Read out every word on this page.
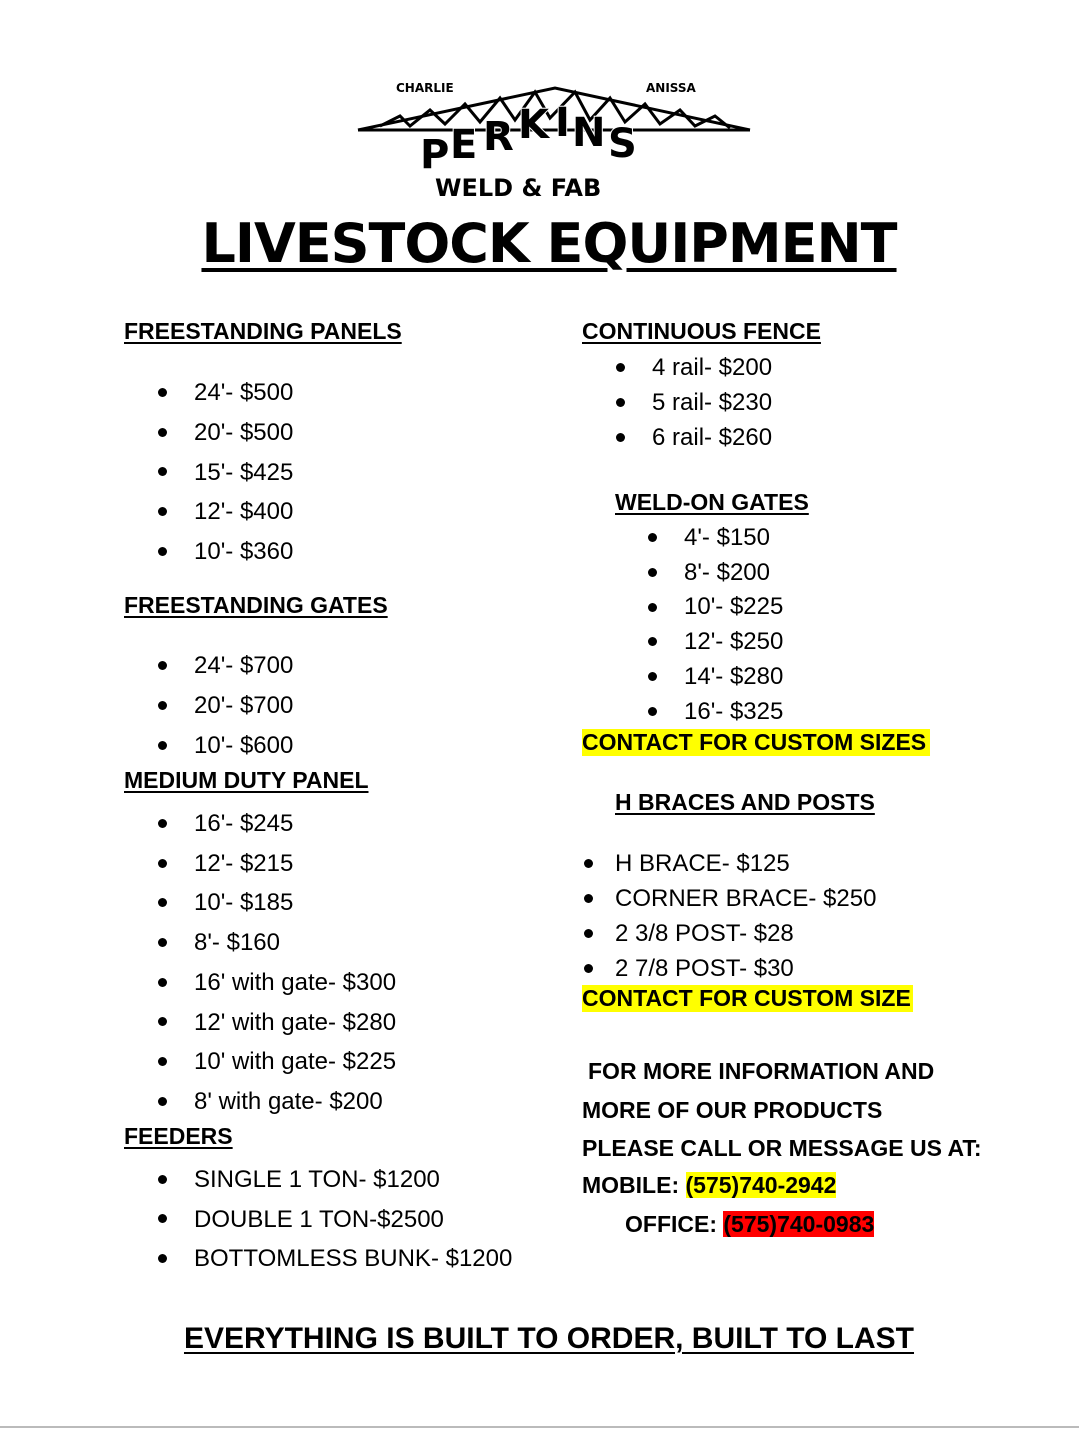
CHARLIE	ANISSA
P E R K I N S
WELD & FAB
LIVESTOCK EQUIPMENT
FREESTANDING PANELS
24'- $500
20'- $500
15'- $425
12'- $400
10'- $360
FREESTANDING GATES
24'- $700
20'- $700
10'- $600
MEDIUM DUTY PANEL
16'- $245
12'- $215
10'- $185
8'- $160
16' with gate- $300
12' with gate- $280
10' with gate- $225
8' with gate- $200
FEEDERS
SINGLE 1 TON- $1200
DOUBLE 1 TON-$2500
BOTTOMLESS BUNK- $1200
CONTINUOUS FENCE
4 rail- $200
5 rail- $230
6 rail- $260
WELD-ON GATES
4'- $150
8'- $200
10'- $225
12'- $250
14'- $280
16'- $325
CONTACT FOR CUSTOM SIZES
H BRACES AND POSTS
H BRACE- $125
CORNER BRACE- $250
2 3/8 POST- $28
2 7/8 POST- $30
CONTACT FOR CUSTOM SIZE
FOR MORE INFORMATION AND
MORE OF OUR PRODUCTS
PLEASE CALL OR MESSAGE US AT:
MOBILE: (575)740-2942
OFFICE: (575)740-0983
EVERYTHING IS BUILT TO ORDER, BUILT TO LAST
